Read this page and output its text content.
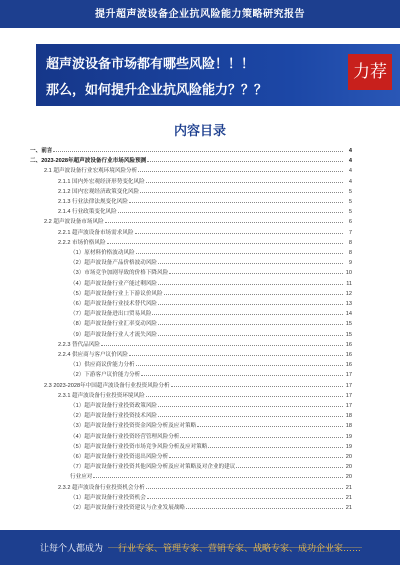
提升超声波设备企业抗风险能力策略研究报告
超声波设备市场都有哪些风险！！！
那么，如何提升企业抗风险能力？？？
力荐
内容目录
一、前言	4
二、2023-2028年超声波设备行业市场风险预测	4
2.1 超声波设备行业宏观环境风险分析	4
2.1.1 国内外宏观经济形势变化风险	4
2.1.2 国内宏观经济政策变化风险	5
2.1.3 行业法律法规变化风险	5
2.1.4 行业政策变化风险	5
2.2 超声波设备市场风险	6
2.2.1 超声波设备市场需求风险	7
2.2.2 市场价格风险	8
（1）原材料价格波动风险	8
（2）超声波设备产品价格波动风险	9
（3）市场竞争加剧导致的价格下降风险	10
（4）超声波设备行业产能过剩风险	11
（5）超声波设备行业上下游议价风险	12
（6）超声波设备行业技术替代风险	13
（7）超声波设备进出口贸易风险	14
（8）超声波设备行业汇率变动风险	15
（9）超声波设备行业人才流失风险	15
2.2.3 替代品风险	16
2.2.4 供应商与客户议价风险	16
（1）供应商议价能力分析	16
（2）下游客户议价能力分析	17
2.3 2023-2028年中国超声波设备行业投资风险分析	17
2.3.1 超声波设备行业投资环境风险	17
（1）超声波设备行业投资政策风险	17
（2）超声波设备行业投资技术风险	18
（3）超声波设备行业投资资金风险分析及应对策略	18
（4）超声波设备行业投资经营管理风险分析	19
（5）超声波设备行业投资市场竞争风险分析及应对策略	19
（6）超声波设备行业投资退出风险分析	20
（7）超声波设备行业投资其他风险分析及应对策略及对企业的建议	20
行业应对	20
2.3.2 超声波设备行业投资机会分析	21
（1）超声波设备行业投资机会	21
（2）超声波设备行业投资建议与企业发展战略	21
让每个人都成为 行业专家、管理专家、营销专家、战略专家、成功企业家……
